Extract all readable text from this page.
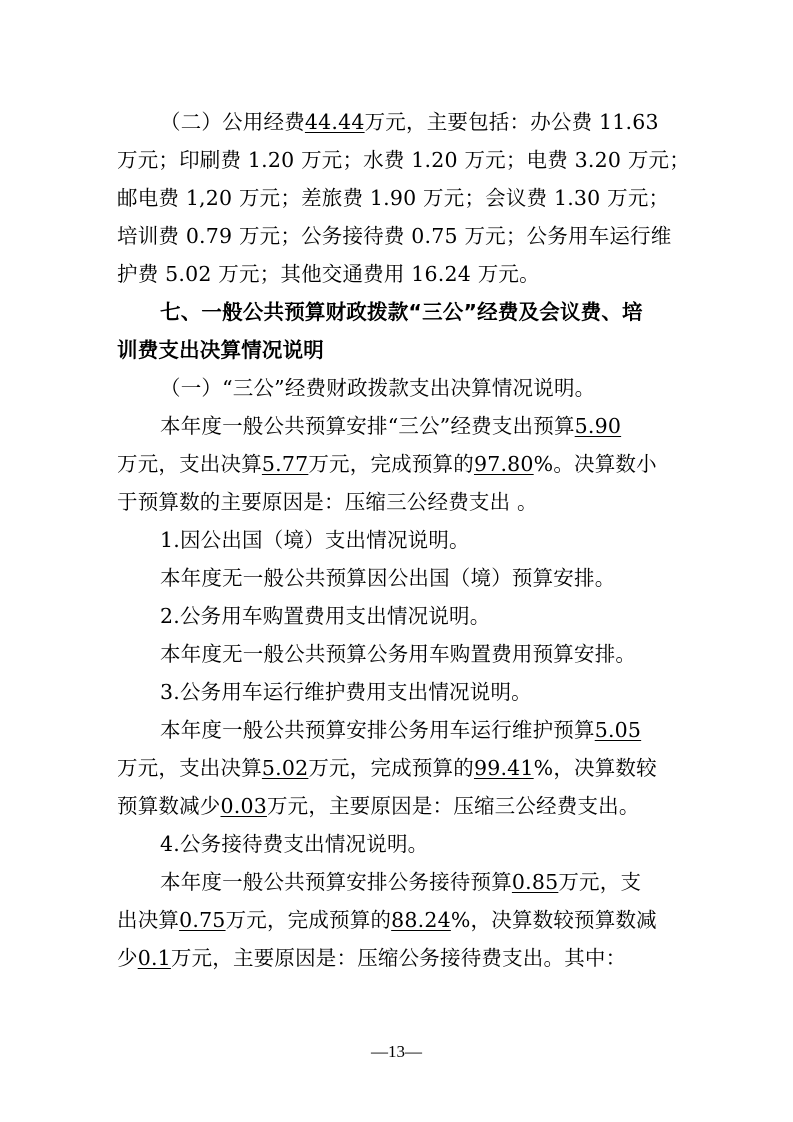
（二）公用经费44.44万元，主要包括：办公费 11.63
万元；印刷费 1.20 万元；水费 1.20 万元；电费 3.20 万元；
邮电费 1,20 万元；差旅费 1.90 万元；会议费 1.30 万元；
培训费 0.79 万元；公务接待费 0.75 万元；公务用车运行维
护费 5.02 万元；其他交通费用 16.24 万元。
七、一般公共预算财政拨款“三公”经费及会议费、培
训费支出决算情况说明
（一）“三公”经费财政拨款支出决算情况说明。
本年度一般公共预算安排“三公”经费支出预算5.90
万元，支出决算5.77万元，完成预算的97.80%。决算数小
于预算数的主要原因是：压缩三公经费支出 。
1.因公出国（境）支出情况说明。
本年度无一般公共预算因公出国（境）预算安排。
2.公务用车购置费用支出情况说明。
本年度无一般公共预算公务用车购置费用预算安排。
3.公务用车运行维护费用支出情况说明。
本年度一般公共预算安排公务用车运行维护预算5.05
万元，支出决算5.02万元，完成预算的99.41%，决算数较
预算数减少0.03万元，主要原因是：压缩三公经费支出。
4.公务接待费支出情况说明。
本年度一般公共预算安排公务接待预算0.85万元，支
出决算0.75万元，完成预算的88.24%，决算数较预算数减
少0.1万元，主要原因是：压缩公务接待费支出。其中：
—13—
